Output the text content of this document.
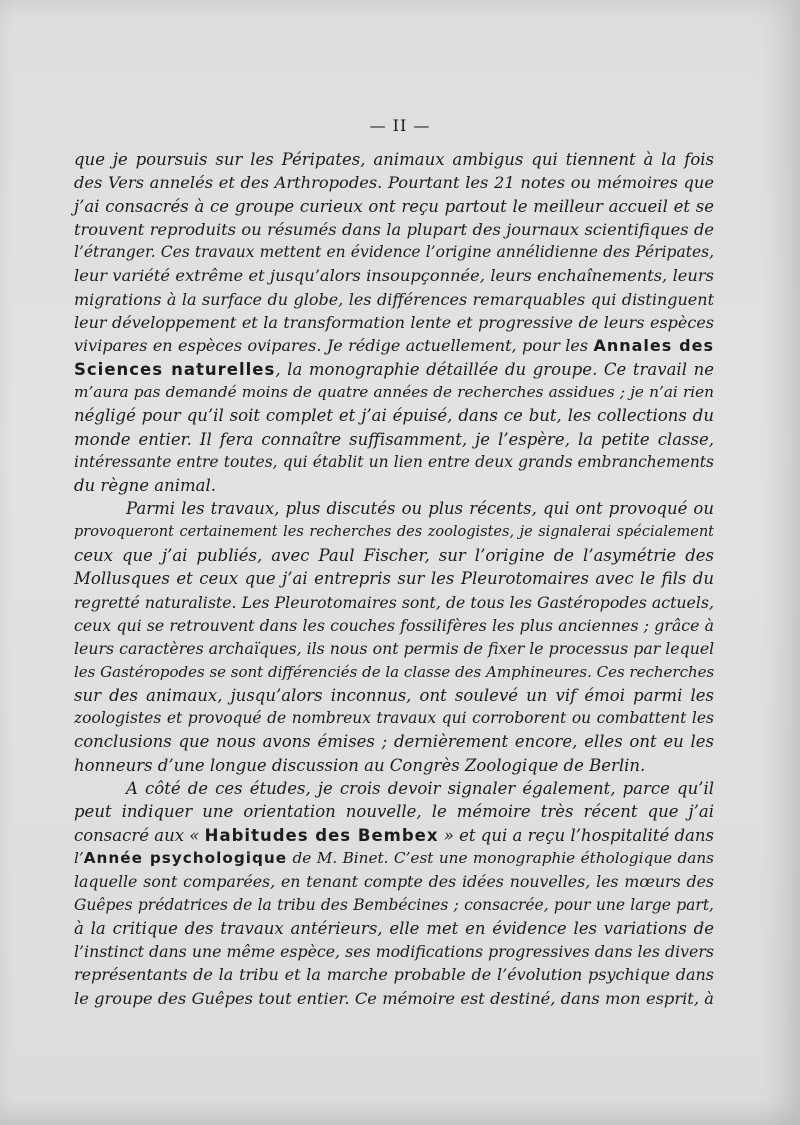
— II —
que je poursuis sur les Péripates, animaux ambigus qui tiennent à la fois
des Vers annelés et des Arthropodes. Pourtant les 21 notes ou mémoires que
j’ai consacrés à ce groupe curieux ont reçu partout le meilleur accueil et se
trouvent reproduits ou résumés dans la plupart des journaux scientifiques de
l’étranger. Ces travaux mettent en évidence l’origine annélidienne des Péripates,
leur variété extrême et jusqu’alors insoupçonnée, leurs enchaînements, leurs
migrations à la surface du globe, les différences remarquables qui distinguent
leur développement et la transformation lente et progressive de leurs espèces
vivipares en espèces ovipares. Je rédige actuellement, pour les Annales des
Sciences naturelles, la monographie détaillée du groupe. Ce travail ne
m’aura pas demandé moins de quatre années de recherches assidues ; je n’ai rien
négligé pour qu’il soit complet et j’ai épuisé, dans ce but, les collections du
monde entier. Il fera connaître suffisamment, je l’espère, la petite classe,
intéressante entre toutes, qui établit un lien entre deux grands embranchements
du règne animal.
Parmi les travaux, plus discutés ou plus récents, qui ont provoqué ou
provoqueront certainement les recherches des zoologistes, je signalerai spécialement
ceux que j’ai publiés, avec Paul Fischer, sur l’origine de l’asymétrie des
Mollusques et ceux que j’ai entrepris sur les Pleurotomaires avec le fils du
regretté naturaliste. Les Pleurotomaires sont, de tous les Gastéropodes actuels,
ceux qui se retrouvent dans les couches fossilifères les plus anciennes ; grâce à
leurs caractères archaïques, ils nous ont permis de fixer le processus par lequel
les Gastéropodes se sont différenciés de la classe des Amphineures. Ces recherches
sur des animaux, jusqu’alors inconnus, ont soulevé un vif émoi parmi les
zoologistes et provoqué de nombreux travaux qui corroborent ou combattent les
conclusions que nous avons émises ; dernièrement encore, elles ont eu les
honneurs d’une longue discussion au Congrès Zoologique de Berlin.
A côté de ces études, je crois devoir signaler également, parce qu’il
peut indiquer une orientation nouvelle, le mémoire très récent que j’ai
consacré aux « Habitudes des Bembex » et qui a reçu l’hospitalité dans
l’Année psychologique de M. Binet. C’est une monographie éthologique dans
laquelle sont comparées, en tenant compte des idées nouvelles, les mœurs des
Guêpes prédatrices de la tribu des Bembécines ; consacrée, pour une large part,
à la critique des travaux antérieurs, elle met en évidence les variations de
l’instinct dans une même espèce, ses modifications progressives dans les divers
représentants de la tribu et la marche probable de l’évolution psychique dans
le groupe des Guêpes tout entier. Ce mémoire est destiné, dans mon esprit, à
